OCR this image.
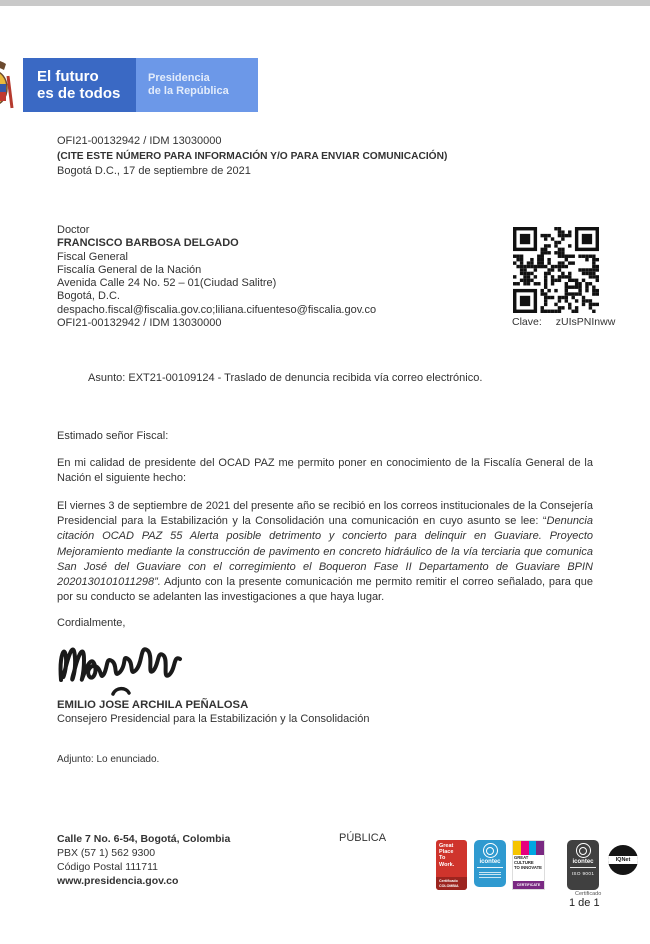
El futuro
es de todos
Presidencia
de la República
OFI21-00132942 / IDM 13030000
(CITE ESTE NÚMERO PARA INFORMACIÓN Y/O PARA ENVIAR COMUNICACIÓN)
Bogotá D.C., 17 de septiembre de 2021
Doctor
FRANCISCO BARBOSA DELGADO
Fiscal General
Fiscalía General de la Nación
Avenida Calle 24 No. 52 – 01(Ciudad Salitre)
Bogotá, D.C.
despacho.fiscal@fiscalia.gov.co;liliana.cifuenteso@fiscalia.gov.co
OFI21-00132942 / IDM 13030000	Clave: zUIsPNInww
Asunto: EXT21-00109124 - Traslado de denuncia recibida vía correo electrónico.
Estimado señor Fiscal:

En mi calidad de presidente del OCAD PAZ me permito poner en conocimiento de la Fiscalía General de la Nación el siguiente hecho:

El viernes 3 de septiembre de 2021 del presente año se recibió en los correos institucionales de la Consejería Presidencial para la Estabilización y la Consolidación una comunicación en cuyo asunto se lee: “Denuncia citación OCAD PAZ 55 Alerta posible detrimento y concierto para delinquir en Guaviare. Proyecto Mejoramiento mediante la construcción de pavimento en concreto hidráulico de la vía terciaria que comunica San José del Guaviare con el corregimiento el Boqueron Fase II Departamento de Guaviare BPIN 2020130101011298”. Adjunto con la presente comunicación me permito remitir el correo señalado, para que por su conducto se adelanten las investigaciones a que haya lugar.

Cordialmente,
EMILIO JOSE ARCHILA PEÑALOSA
Consejero Presidencial para la Estabilización y la Consolidación
Adjunto: Lo enunciado.
Calle 7 No. 6-54, Bogotá, Colombia
PBX (57 1) 562 9300
Código Postal 111711
www.presidencia.gov.co
PÚBLICA
Great
Place
To
Work.
Certificado
COLOMBIA
icontec
GREAT CULTURE
TO INNOVATE
CERTIFICATE
icontec
ISO 9001
IQNet
Certificado
1 de 1
